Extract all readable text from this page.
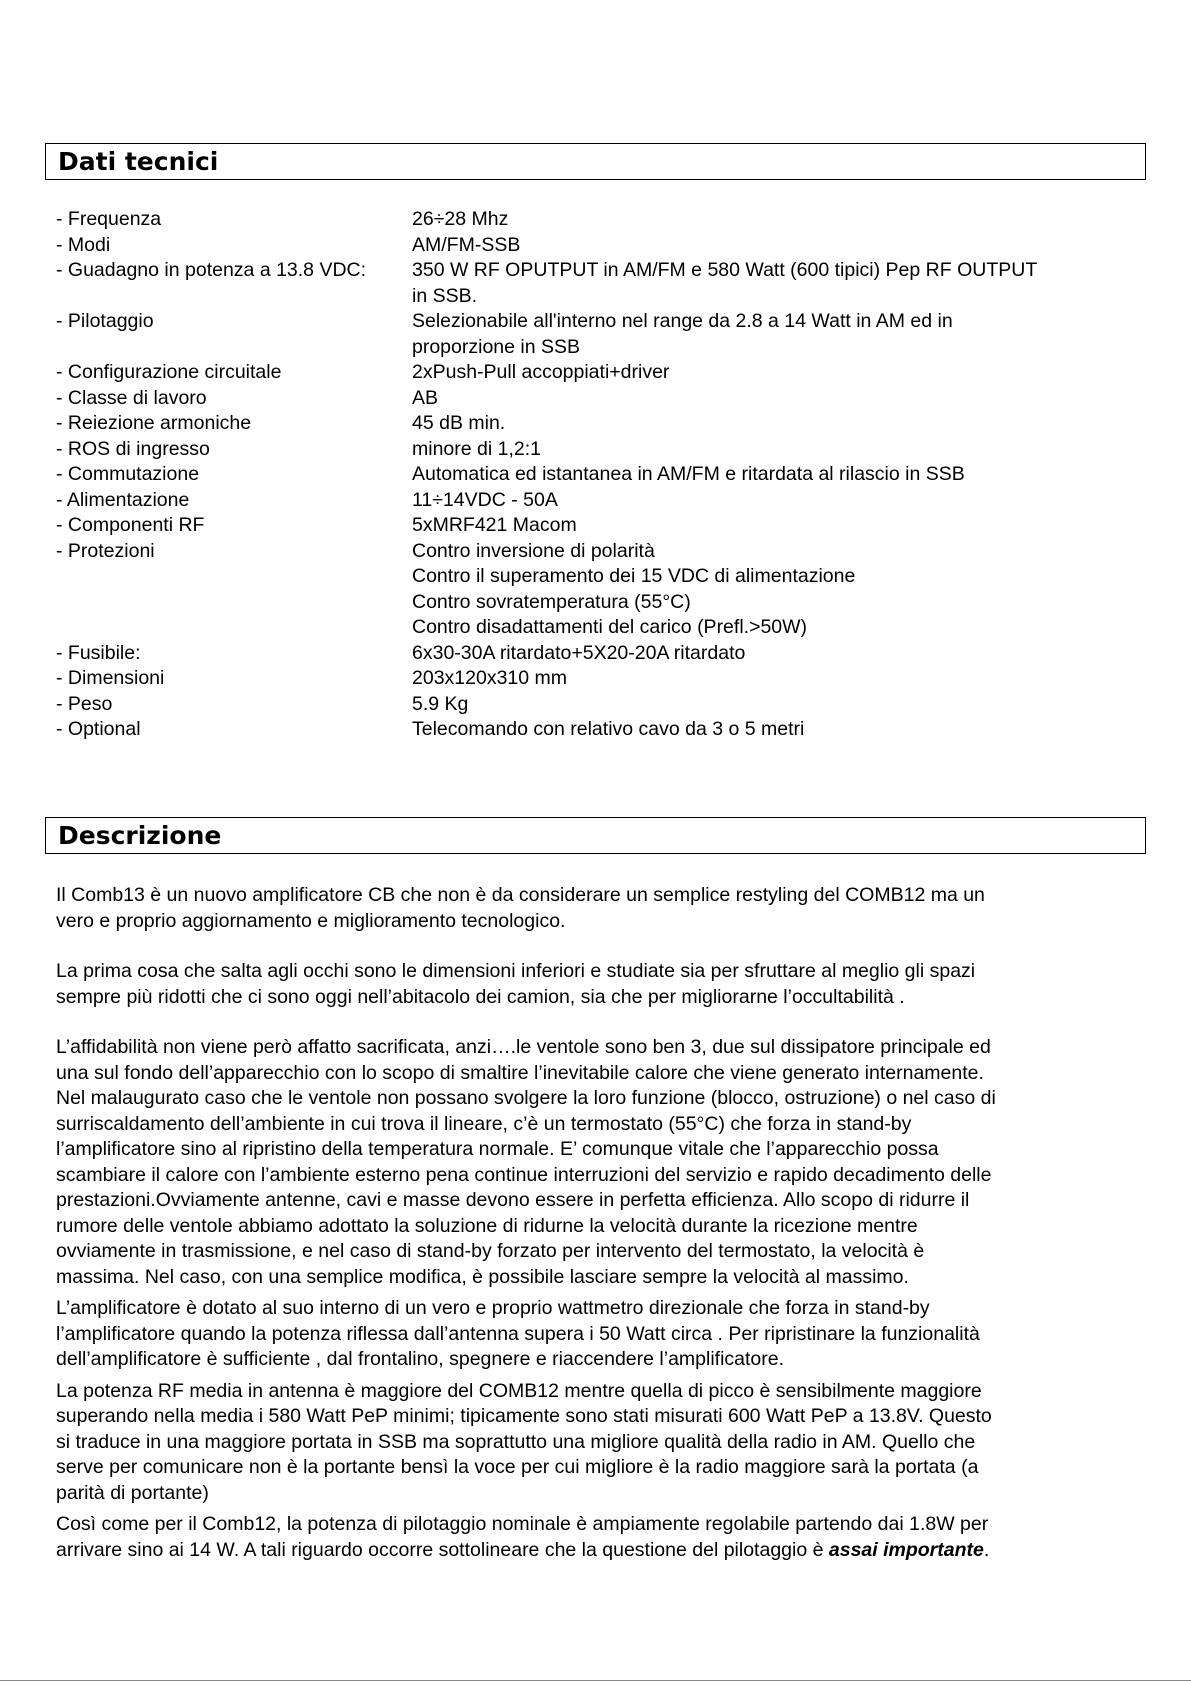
Dati tecnici
- Frequenza	26÷28 Mhz
- Modi	AM/FM-SSB
- Guadagno in potenza a 13.8 VDC:	350 W RF OPUTPUT in AM/FM e 580 Watt (600 tipici) Pep RF OUTPUT
in SSB.
- Pilotaggio	Selezionabile all'interno nel range da 2.8 a 14 Watt in AM ed in
proporzione in SSB
- Configurazione circuitale	2xPush-Pull accoppiati+driver
- Classe di lavoro	AB
- Reiezione armoniche	45 dB min.
- ROS di ingresso	minore di 1,2:1
- Commutazione	Automatica ed istantanea in AM/FM e ritardata al rilascio in SSB
- Alimentazione	11÷14VDC - 50A
- Componenti RF	5xMRF421 Macom
- Protezioni	Contro inversione di polarità
Contro il superamento dei 15 VDC di alimentazione
Contro sovratemperatura (55°C)
Contro disadattamenti del carico (Prefl.>50W)
- Fusibile:	6x30-30A ritardato+5X20-20A ritardato
- Dimensioni	203x120x310 mm
- Peso	5.9 Kg
- Optional	Telecomando con relativo cavo da 3 o 5 metri
Descrizione

Il Comb13 è un nuovo amplificatore CB che non è da considerare un semplice restyling del COMB12 ma un
vero e proprio aggiornamento e miglioramento tecnologico.

La prima cosa che salta agli occhi sono le dimensioni inferiori e studiate sia per sfruttare al meglio gli spazi
sempre più ridotti che ci sono oggi nell’abitacolo dei camion, sia che per migliorarne l’occultabilità .

L’affidabilità non viene però affatto sacrificata, anzi….le ventole sono ben 3, due sul dissipatore principale ed
una sul fondo dell’apparecchio con lo scopo di smaltire l’inevitabile calore che viene generato internamente.
Nel malaugurato caso che le ventole non possano svolgere la loro funzione (blocco, ostruzione) o nel caso di
surriscaldamento dell’ambiente in cui trova il lineare, c’è un termostato (55°C) che forza in stand-by
l’amplificatore sino al ripristino della temperatura normale. E’ comunque vitale che l’apparecchio possa
scambiare il calore con l’ambiente esterno pena continue interruzioni del servizio e rapido decadimento delle
prestazioni.Ovviamente antenne, cavi e masse devono essere in perfetta efficienza. Allo scopo di ridurre il
rumore delle ventole abbiamo adottato la soluzione di ridurne la velocità durante la ricezione mentre
ovviamente in trasmissione, e nel caso di stand-by forzato per intervento del termostato, la velocità è
massima. Nel caso, con una semplice modifica, è possibile lasciare sempre la velocità al massimo.

L’amplificatore è dotato al suo interno di un vero e proprio wattmetro direzionale che forza in stand-by
l’amplificatore quando la potenza riflessa dall’antenna supera i 50 Watt circa . Per ripristinare la funzionalità
dell’amplificatore è sufficiente , dal frontalino, spegnere e riaccendere l’amplificatore.

La potenza RF media in antenna è maggiore del COMB12 mentre quella di picco è sensibilmente maggiore
superando nella media i 580 Watt PeP minimi; tipicamente sono stati misurati 600 Watt PeP a 13.8V. Questo
si traduce in una maggiore portata in SSB ma soprattutto una migliore qualità della radio in AM. Quello che
serve per comunicare non è la portante bensì la voce per cui migliore è la radio maggiore sarà la portata (a
parità di portante)

Così come per il Comb12, la potenza di pilotaggio nominale è ampiamente regolabile partendo dai 1.8W per
arrivare sino ai 14 W. A tali riguardo occorre sottolineare che la questione del pilotaggio è assai importante.
